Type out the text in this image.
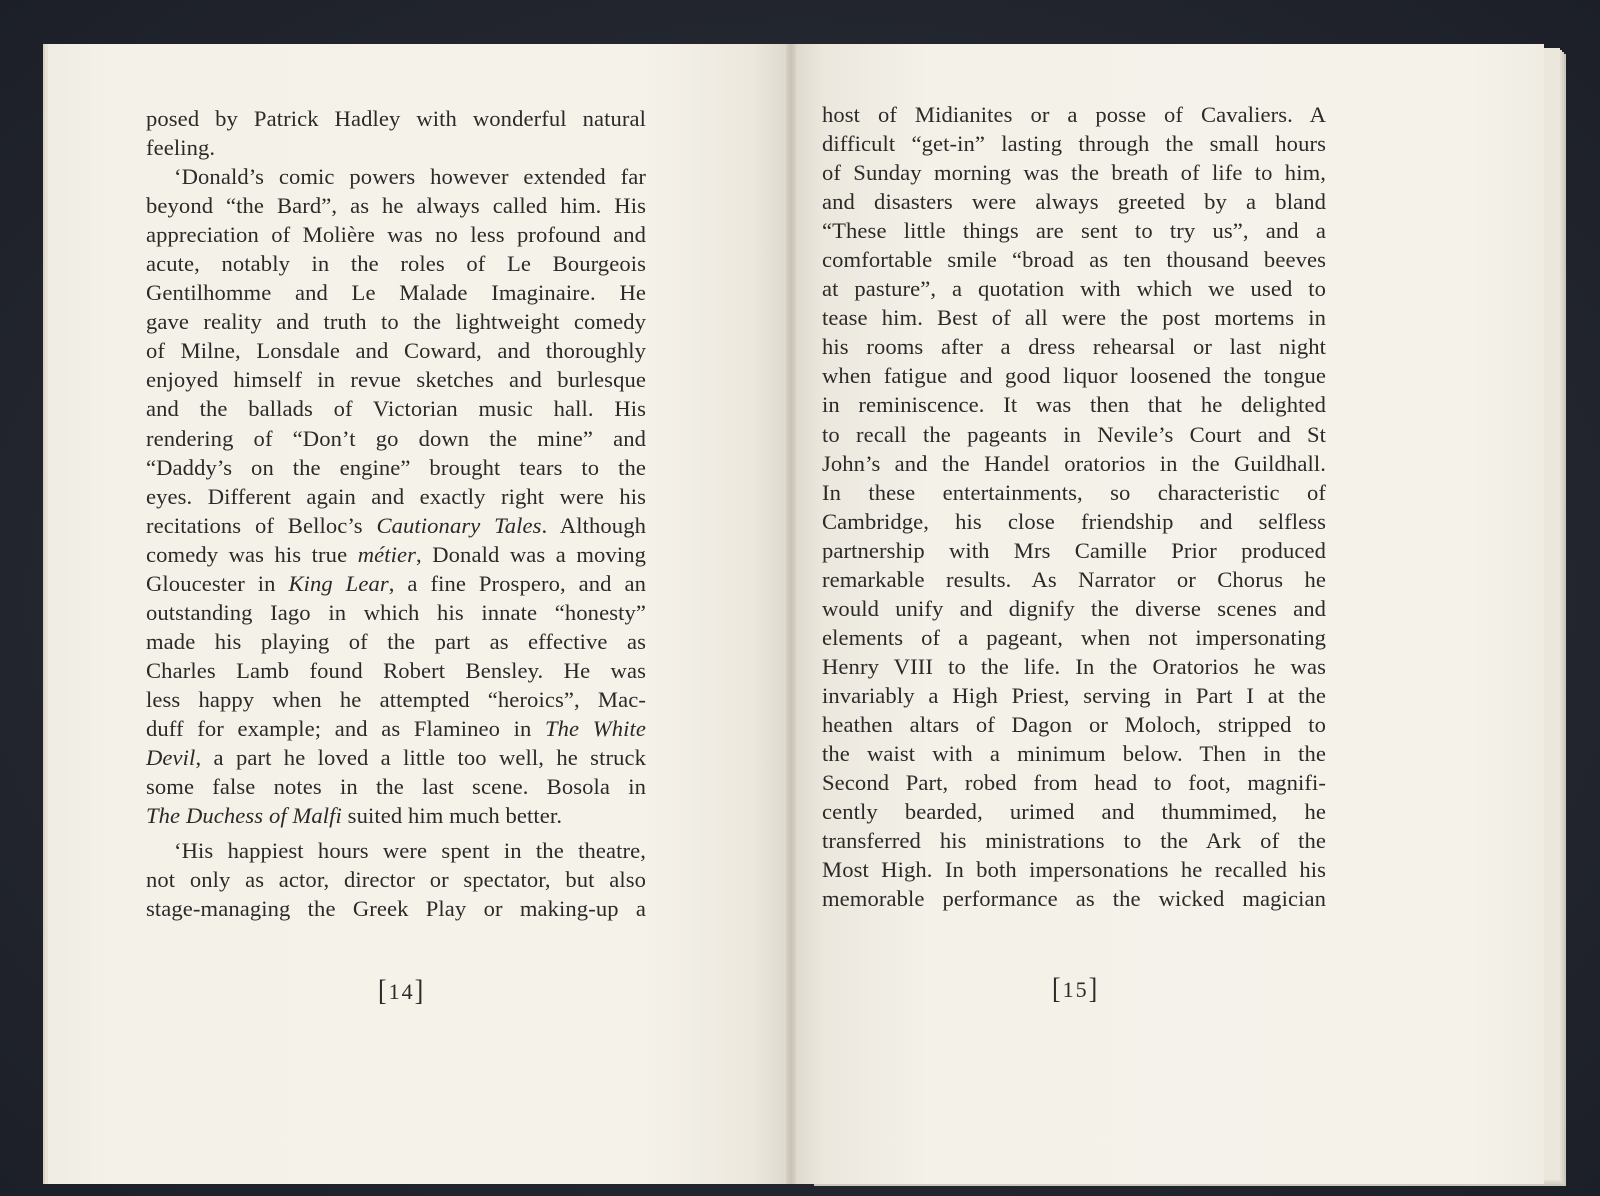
posed by Patrick Hadley with wonderful natural
feeling.
‘Donald’s comic powers however extended far
beyond “the Bard”, as he always called him. His
appreciation of Molière was no less profound and
acute, notably in the roles of Le Bourgeois
Gentilhomme and Le Malade Imaginaire. He
gave reality and truth to the lightweight comedy
of Milne, Lonsdale and Coward, and thoroughly
enjoyed himself in revue sketches and burlesque
and the ballads of Victorian music hall. His
rendering of “Don’t go down the mine” and
“Daddy’s on the engine” brought tears to the
eyes. Different again and exactly right were his
recitations of Belloc’s Cautionary Tales. Although
comedy was his true métier, Donald was a moving
Gloucester in King Lear, a fine Prospero, and an
outstanding Iago in which his innate “honesty”
made his playing of the part as effective as
Charles Lamb found Robert Bensley. He was
less happy when he attempted “heroics”, Mac-
duff for example; and as Flamineo in The White
Devil, a part he loved a little too well, he struck
some false notes in the last scene. Bosola in
The Duchess of Malfi suited him much better.
‘His happiest hours were spent in the theatre,
not only as actor, director or spectator, but also
stage-managing the Greek Play or making-up a
[14]
host of Midianites or a posse of Cavaliers. A
difficult “get-in” lasting through the small hours
of Sunday morning was the breath of life to him,
and disasters were always greeted by a bland
“These little things are sent to try us”, and a
comfortable smile “broad as ten thousand beeves
at pasture”, a quotation with which we used to
tease him. Best of all were the post mortems in
his rooms after a dress rehearsal or last night
when fatigue and good liquor loosened the tongue
in reminiscence. It was then that he delighted
to recall the pageants in Nevile’s Court and St
John’s and the Handel oratorios in the Guildhall.
In these entertainments, so characteristic of
Cambridge, his close friendship and selfless
partnership with Mrs Camille Prior produced
remarkable results. As Narrator or Chorus he
would unify and dignify the diverse scenes and
elements of a pageant, when not impersonating
Henry VIII to the life. In the Oratorios he was
invariably a High Priest, serving in Part I at the
heathen altars of Dagon or Moloch, stripped to
the waist with a minimum below. Then in the
Second Part, robed from head to foot, magnifi-
cently bearded, urimed and thummimed, he
transferred his ministrations to the Ark of the
Most High. In both impersonations he recalled his
memorable performance as the wicked magician
[15]
